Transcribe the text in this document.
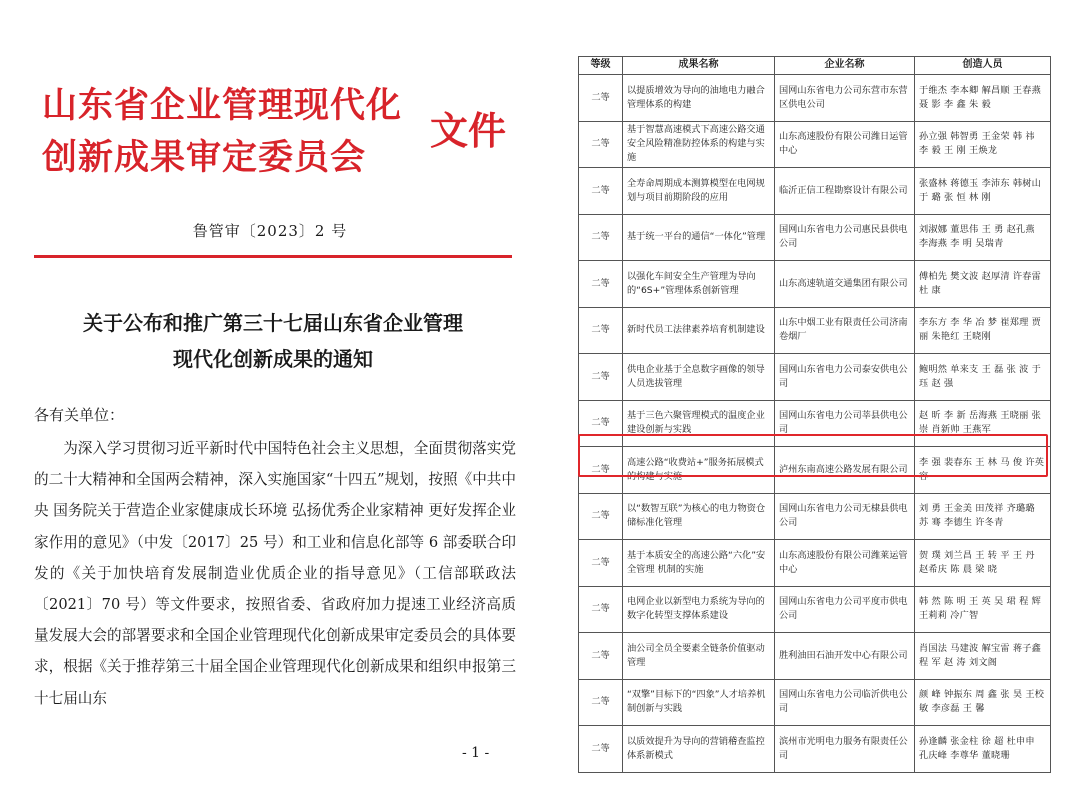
山东省企业管理现代化
创新成果审定委员会
文件
鲁管审〔2023〕2 号
关于公布和推广第三十七届山东省企业管理
现代化创新成果的通知
各有关单位：
为深入学习贯彻习近平新时代中国特色社会主义思想，全面贯彻落实党的二十大精神和全国两会精神，深入实施国家“十四五”规划，按照《中共中央 国务院关于营造企业家健康成长环境 弘扬优秀企业家精神 更好发挥企业家作用的意见》（中发〔2017〕25 号）和工业和信息化部等 6 部委联合印发的《关于加快培育发展制造业优质企业的指导意见》（工信部联政法〔2021〕70 号）等文件要求，按照省委、省政府加力提速工业经济高质量发展大会的部署要求和全国企业管理现代化创新成果审定委员会的具体要求，根据《关于推荐第三十届全国企业管理现代化创新成果和组织申报第三十七届山东
- 1 -
等级	成果名称	企业名称	创造人员
二等	以提质增效为导向的油地电力融合管理体系的构建	国网山东省电力公司东营市东营区供电公司	于维杰 李本卿 解昌顺 王春燕 聂 影 李 鑫 朱 毅
二等	基于智慧高速模式下高速公路交通安全风险精准防控体系的构建与实施	山东高速股份有限公司潍日运管中心	孙立强 韩智勇 王金荣 韩 祎 李 毅 王 刚 王焕龙
二等	全寿命周期成本测算模型在电网规划与项目前期阶段的应用	临沂正信工程勘察设计有限公司	张盛林 蒋德玉 李沛东 韩树山 于 璐 张 恒 林 刚
二等	基于统一平台的通信“一体化”管理	国网山东省电力公司惠民县供电公司	刘淑娜 董思伟 王 勇 赵孔燕 李海燕 李 明 吴瑞青
二等	以强化车间安全生产管理为导向的“6S+”管理体系创新管理	山东高速轨道交通集团有限公司	傅柏先 樊文波 赵厚清 许春雷 杜 康
二等	新时代员工法律素养培育机制建设	山东中烟工业有限责任公司济南卷烟厂	李东方 李 华 冶 梦 崔郑理 贾 丽 朱艳红 王晓刚
二等	供电企业基于全息数字画像的领导人员选拔管理	国网山东省电力公司泰安供电公司	鲍明然 单来支 王 磊 张 波 于 珏 赵 强
二等	基于三色六聚管理模式的温度企业建设创新与实践	国网山东省电力公司莘县供电公司	赵 昕 李 新 岳海燕 王晓丽 张 崇 肖新帅 王燕军
二等	高速公路“收费站+”服务拓展模式的构建与实施	泸州东南高速公路发展有限公司	李 强 裴春东 王 林 马 俊 许英容
二等	以“数智互联”为核心的电力物资仓储标准化管理	国网山东省电力公司无棣县供电公司	刘 勇 王金美 田茂祥 齐璐璐 苏 骞 李德生 许冬青
二等	基于本质安全的高速公路“六化”安全管理 机制的实施	山东高速股份有限公司潍莱运管中心	贺 璞 刘兰昌 王 转 平 王 丹 赵希庆 陈 晨 梁 晓
二等	电网企业以新型电力系统为导向的数字化转型支撑体系建设	国网山东省电力公司平度市供电公司	韩 然 陈 明 王 英 吴 珺 程 辉 王莉莉 冷广智
二等	油公司全员全要素全链条价值驱动管理	胜利油田石油开发中心有限公司	肖国法 马建波 解宝雷 蒋子鑫 程 军 赵 涛 刘文阁
二等	“双擎”目标下的“四象”人才培养机制创新与实践	国网山东省电力公司临沂供电公司	颜 峰 钟振东 周 鑫 张 昊 王校敏 李彦磊 王 馨
二等	以质效提升为导向的营销稽查监控体系新模式	滨州市光明电力服务有限责任公司	孙逢麟 张金柱 徐 超 杜申申 孔庆峰 李尊华 董晓珊
